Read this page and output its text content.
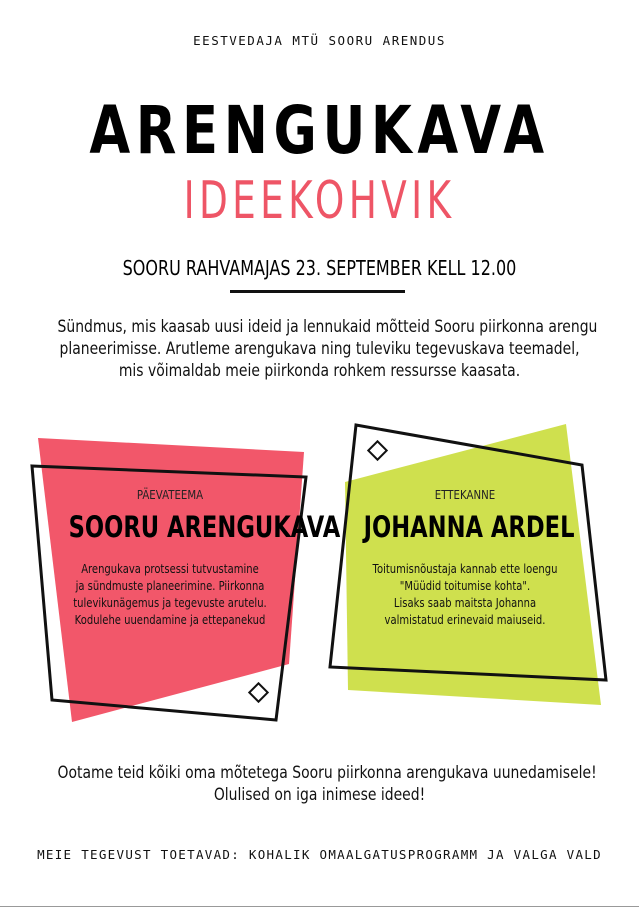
EESTVEDAJA MTÜ SOORU ARENDUS
ARENGUKAVA
IDEEKOHVIK
SOORU RAHVAMAJAS 23. SEPTEMBER KELL 12.00
Sündmus, mis kaasab uusi ideid ja lennukaid mõtteid Sooru piirkonna arengu
planeerimisse. Arutleme arengukava ning tuleviku tegevuskava teemadel,
mis võimaldab meie piirkonda rohkem ressursse kaasata.
PÄEVATEEMA
SOORU ARENGUKAVA
Arengukava protsessi tutvustamine
ja sündmuste planeerimine. Piirkonna
tulevikunägemus ja tegevuste arutelu.
Kodulehe uuendamine ja ettepanekud
ETTEKANNE
JOHANNA ARDEL
Toitumisnõustaja kannab ette loengu
"Müüdid toitumise kohta".
Lisaks saab maitsta Johanna
valmistatud erinevaid maiuseid.
Ootame teid kõiki oma mõtetega Sooru piirkonna arengukava uunedamisele!
Olulised on iga inimese ideed!
MEIE TEGEVUST TOETAVAD: KOHALIK OMAALGATUSPROGRAMM JA VALGA VALD
